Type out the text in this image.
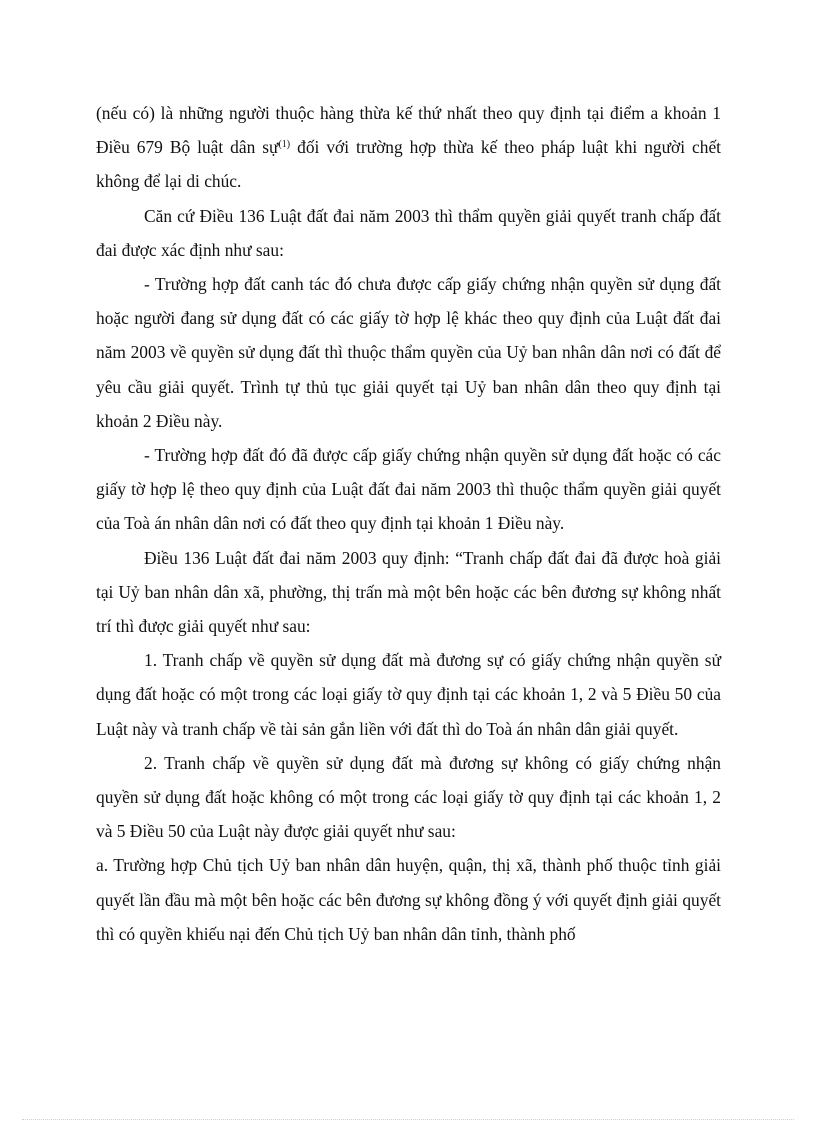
(nếu có) là những người thuộc hàng thừa kế thứ nhất theo quy định tại điểm a khoản 1 Điều 679 Bộ luật dân sự$^{(1)}$ đối với trường hợp thừa kế theo pháp luật khi người chết không để lại di chúc.

Căn cứ Điều 136 Luật đất đai năm 2003 thì thẩm quyền giải quyết tranh chấp đất đai được xác định như sau:

- Trường hợp đất canh tác đó chưa được cấp giấy chứng nhận quyền sử dụng đất hoặc người đang sử dụng đất có các giấy tờ hợp lệ khác theo quy định của Luật đất đai năm 2003 về quyền sử dụng đất thì thuộc thẩm quyền của Uỷ ban nhân dân nơi có đất để yêu cầu giải quyết. Trình tự thủ tục giải quyết tại Uỷ ban nhân dân theo quy định tại khoản 2 Điều này.

- Trường hợp đất đó đã được cấp giấy chứng nhận quyền sử dụng đất hoặc có các giấy tờ hợp lệ theo quy định của Luật đất đai năm 2003 thì thuộc thẩm quyền giải quyết của Toà án nhân dân nơi có đất theo quy định tại khoản 1 Điều này.

Điều 136 Luật đất đai năm 2003 quy định: “Tranh chấp đất đai đã được hoà giải tại Uỷ ban nhân dân xã, phường, thị trấn mà một bên hoặc các bên đương sự không nhất trí thì được giải quyết như sau:

1. Tranh chấp về quyền sử dụng đất mà đương sự có giấy chứng nhận quyền sử dụng đất hoặc có một trong các loại giấy tờ quy định tại các khoản 1, 2 và 5 Điều 50 của Luật này và tranh chấp về tài sản gắn liền với đất thì do Toà án nhân dân giải quyết.

2. Tranh chấp về quyền sử dụng đất mà đương sự không có giấy chứng nhận quyền sử dụng đất hoặc không có một trong các loại giấy tờ quy định tại các khoản 1, 2 và 5 Điều 50 của Luật này được giải quyết như sau:

a. Trường hợp Chủ tịch Uỷ ban nhân dân huyện, quận, thị xã, thành phố thuộc tỉnh giải quyết lần đầu mà một bên hoặc các bên đương sự không đồng ý với quyết định giải quyết thì có quyền khiếu nại đến Chủ tịch Uỷ ban nhân dân tỉnh, thành phố
